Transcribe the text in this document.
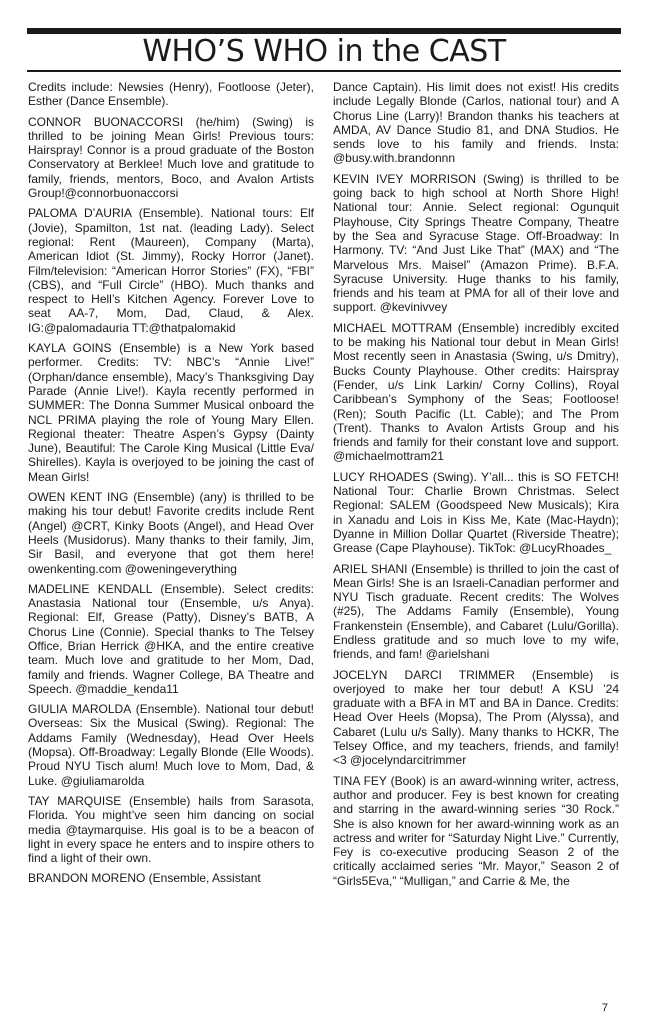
WHO’S WHO in the CAST

Credits include: Newsies (Henry), Footloose (Jeter), Esther (Dance Ensemble).

CONNOR BUONACCORSI (he/him) (Swing) is thrilled to be joining Mean Girls! Previous tours: Hairspray! Connor is a proud graduate of the Boston Conservatory at Berklee! Much love and gratitude to family, friends, mentors, Boco, and Avalon Artists Group!@connorbuonaccorsi

PALOMA D’AURIA (Ensemble). National tours: Elf (Jovie), Spamilton, 1st nat. (leading Lady). Select regional: Rent (Maureen), Company (Marta), American Idiot (St. Jimmy), Rocky Horror (Janet). Film/television: “American Horror Stories” (FX), “FBI” (CBS), and “Full Circle” (HBO). Much thanks and respect to Hell’s Kitchen Agency. Forever Love to seat AA-7, Mom, Dad, Claud, & Alex. IG:@palomadauria TT:@thatpalomakid

KAYLA GOINS (Ensemble) is a New York based performer. Credits: TV: NBC’s “Annie Live!” (Orphan/dance ensemble), Macy’s Thanksgiving Day Parade (Annie Live!). Kayla recently performed in SUMMER: The Donna Summer Musical onboard the NCL PRIMA playing the role of Young Mary Ellen. Regional theater: Theatre Aspen’s Gypsy (Dainty June), Beautiful: The Carole King Musical (Little Eva/ Shirelles). Kayla is overjoyed to be joining the cast of Mean Girls!

OWEN KENT ING (Ensemble) (any) is thrilled to be making his tour debut! Favorite credits include Rent (Angel) @CRT, Kinky Boots (Angel), and Head Over Heels (Musidorus). Many thanks to their family, Jim, Sir Basil, and everyone that got them here! owenkenting.com @oweningeverything

MADELINE KENDALL (Ensemble). Select credits: Anastasia National tour (Ensemble, u/s Anya). Regional: Elf, Grease (Patty), Disney’s BATB, A Chorus Line (Connie). Special thanks to The Telsey Office, Brian Herrick @HKA, and the entire creative team. Much love and gratitude to her Mom, Dad, family and friends. Wagner College, BA Theatre and Speech. @maddie_kenda11

GIULIA MAROLDA (Ensemble). National tour debut! Overseas: Six the Musical (Swing). Regional: The Addams Family (Wednesday), Head Over Heels (Mopsa). Off-Broadway: Legally Blonde (Elle Woods). Proud NYU Tisch alum! Much love to Mom, Dad, & Luke. @giuliamarolda

TAY MARQUISE (Ensemble) hails from Sarasota, Florida. You might’ve seen him dancing on social media @taymarquise. His goal is to be a beacon of light in every space he enters and to inspire others to find a light of their own.

BRANDON MORENO (Ensemble, Assistant

Dance Captain). His limit does not exist! His credits include Legally Blonde (Carlos, national tour) and A Chorus Line (Larry)! Brandon thanks his teachers at AMDA, AV Dance Studio 81, and DNA Studios. He sends love to his family and friends. Insta: @busy.with.brandonnn

KEVIN IVEY MORRISON (Swing) is thrilled to be going back to high school at North Shore High! National tour: Annie. Select regional: Ogunquit Playhouse, City Springs Theatre Company, Theatre by the Sea and Syracuse Stage. Off-Broadway: In Harmony. TV: “And Just Like That” (MAX) and “The Marvelous Mrs. Maisel” (Amazon Prime). B.F.A. Syracuse University. Huge thanks to his family, friends and his team at PMA for all of their love and support. @kevinivvey

MICHAEL MOTTRAM (Ensemble) incredibly excited to be making his National tour debut in Mean Girls! Most recently seen in Anastasia (Swing, u/s Dmitry), Bucks County Playhouse. Other credits: Hairspray (Fender, u/s Link Larkin/ Corny Collins), Royal Caribbean’s Symphony of the Seas; Footloose! (Ren); South Pacific (Lt. Cable); and The Prom (Trent). Thanks to Avalon Artists Group and his friends and family for their constant love and support. @michaelmottram21

LUCY RHOADES (Swing). Y’all... this is SO FETCH! National Tour: Charlie Brown Christmas. Select Regional: SALEM (Goodspeed New Musicals); Kira in Xanadu and Lois in Kiss Me, Kate (Mac-Haydn); Dyanne in Million Dollar Quartet (Riverside Theatre); Grease (Cape Playhouse). TikTok: @LucyRhoades_

ARIEL SHANI (Ensemble) is thrilled to join the cast of Mean Girls! She is an Israeli-Canadian performer and NYU Tisch graduate. Recent credits: The Wolves (#25), The Addams Family (Ensemble), Young Frankenstein (Ensemble), and Cabaret (Lulu/Gorilla). Endless gratitude and so much love to my wife, friends, and fam! @arielshani

JOCELYN DARCI TRIMMER (Ensemble) is overjoyed to make her tour debut! A KSU ’24 graduate with a BFA in MT and BA in Dance. Credits: Head Over Heels (Mopsa), The Prom (Alyssa), and Cabaret (Lulu u/s Sally). Many thanks to HCKR, The Telsey Office, and my teachers, friends, and family! <3 @jocelyndarcitrimmer

TINA FEY (Book) is an award-winning writer, actress, author and producer. Fey is best known for creating and starring in the award-winning series “30 Rock.” She is also known for her award-winning work as an actress and writer for “Saturday Night Live.” Currently, Fey is co-executive producing Season 2 of the critically acclaimed series “Mr. Mayor,” Season 2 of “Girls5Eva,” “Mulligan,” and Carrie & Me, the

7
